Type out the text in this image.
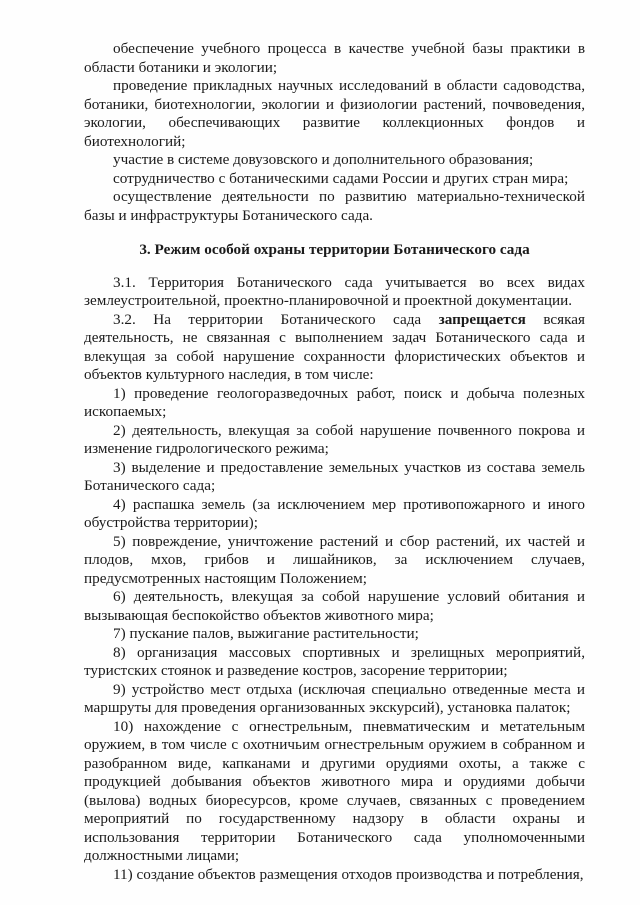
обеспечение учебного процесса в качестве учебной базы практики в области ботаники и экологии;

проведение прикладных научных исследований в области садоводства, ботаники, биотехнологии, экологии и физиологии растений, почвоведения, экологии, обеспечивающих развитие коллекционных фондов и биотехнологий;

участие в системе довузовского и дополнительного образования;

сотрудничество с ботаническими садами России и других стран мира;

осуществление деятельности по развитию материально-технической базы и инфраструктуры Ботанического сада.

3. Режим особой охраны территории Ботанического сада

3.1. Территория Ботанического сада учитывается во всех видах землеустроительной, проектно-планировочной и проектной документации.

3.2. На территории Ботанического сада запрещается всякая деятельность, не связанная с выполнением задач Ботанического сада и влекущая за собой нарушение сохранности флористических объектов и объектов культурного наследия, в том числе:

1) проведение геологоразведочных работ, поиск и добыча полезных ископаемых;

2) деятельность, влекущая за собой нарушение почвенного покрова и изменение гидрологического режима;

3) выделение и предоставление земельных участков из состава земель Ботанического сада;

4) распашка земель (за исключением мер противопожарного и иного обустройства территории);

5) повреждение, уничтожение растений и сбор растений, их частей и плодов, мхов, грибов и лишайников, за исключением случаев, предусмотренных настоящим Положением;

6) деятельность, влекущая за собой нарушение условий обитания и вызывающая беспокойство объектов животного мира;

7) пускание палов, выжигание растительности;

8) организация массовых спортивных и зрелищных мероприятий, туристских стоянок и разведение костров, засорение территории;

9) устройство мест отдыха (исключая специально отведенные места и маршруты для проведения организованных экскурсий), установка палаток;

10) нахождение с огнестрельным, пневматическим и метательным оружием, в том числе с охотничьим огнестрельным оружием в собранном и разобранном виде, капканами и другими орудиями охоты, а также с продукцией добывания объектов животного мира и орудиями добычи (вылова) водных биоресурсов, кроме случаев, связанных с проведением мероприятий по государственному надзору в области охраны и использования территории Ботанического сада уполномоченными должностными лицами;

11) создание объектов размещения отходов производства и потребления,
